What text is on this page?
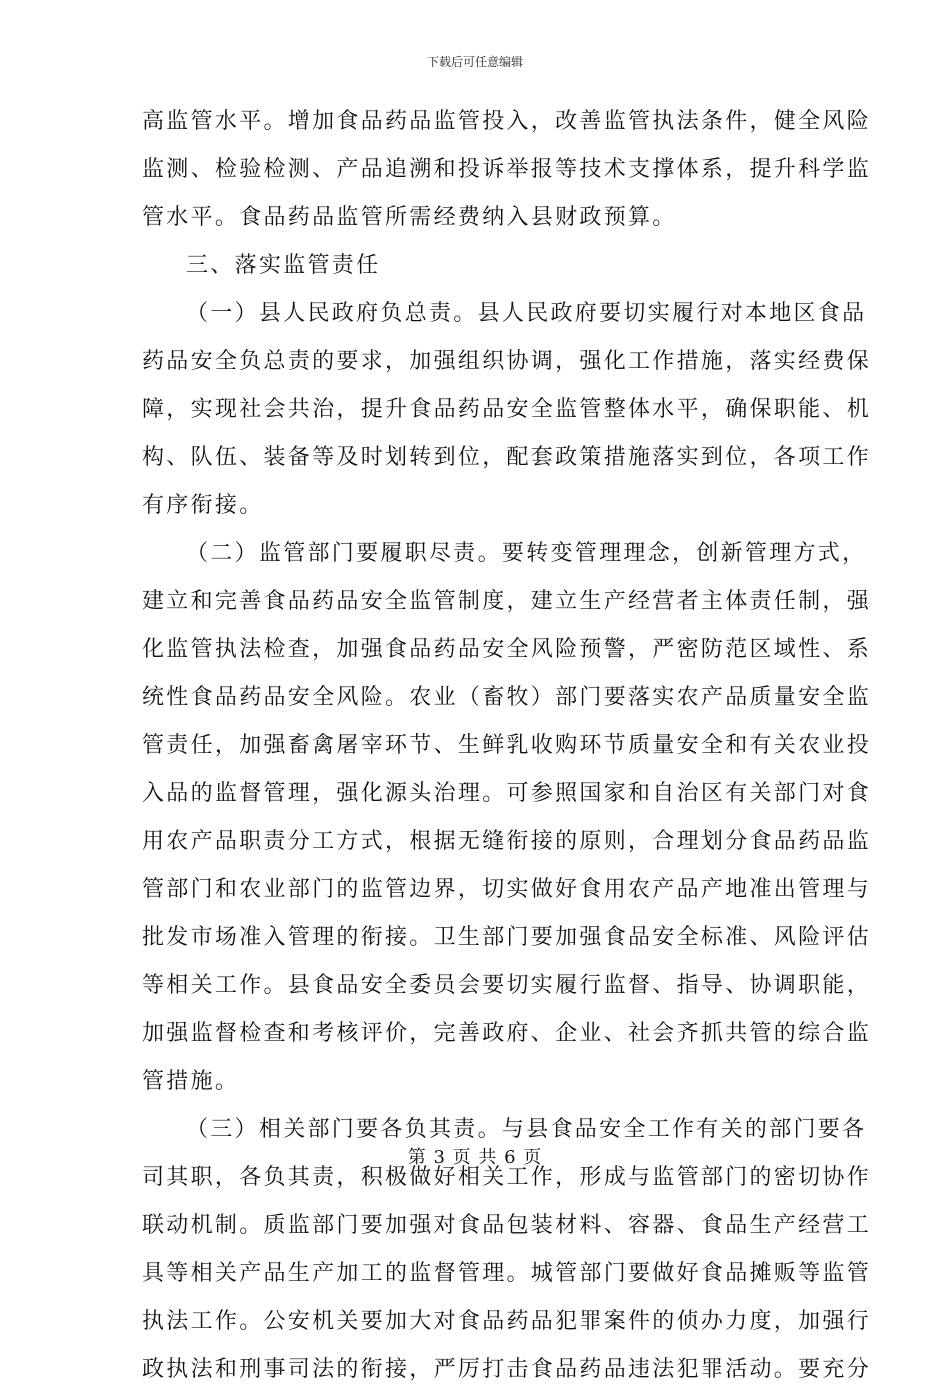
下载后可任意编辑
高监管水平。增加食品药品监管投入，改善监管执法条件，健全风险
监测、检验检测、产品追溯和投诉举报等技术支撑体系，提升科学监
管水平。食品药品监管所需经费纳入县财政预算。
三、落实监管责任
（一）县人民政府负总责。县人民政府要切实履行对本地区食品
药品安全负总责的要求，加强组织协调，强化工作措施，落实经费保
障，实现社会共治，提升食品药品安全监管整体水平，确保职能、机
构、队伍、装备等及时划转到位，配套政策措施落实到位，各项工作
有序衔接。
（二）监管部门要履职尽责。要转变管理理念，创新管理方式，
建立和完善食品药品安全监管制度，建立生产经营者主体责任制，强
化监管执法检查，加强食品药品安全风险预警，严密防范区域性、系
统性食品药品安全风险。农业（畜牧）部门要落实农产品质量安全监
管责任，加强畜禽屠宰环节、生鲜乳收购环节质量安全和有关农业投
入品的监督管理，强化源头治理。可参照国家和自治区有关部门对食
用农产品职责分工方式，根据无缝衔接的原则，合理划分食品药品监
管部门和农业部门的监管边界，切实做好食用农产品产地准出管理与
批发市场准入管理的衔接。卫生部门要加强食品安全标准、风险评估
等相关工作。县食品安全委员会要切实履行监督、指导、协调职能，
加强监督检查和考核评价，完善政府、企业、社会齐抓共管的综合监
管措施。
（三）相关部门要各负其责。与县食品安全工作有关的部门要各
司其职，各负其责，积极做好相关工作，形成与监管部门的密切协作
联动机制。质监部门要加强对食品包装材料、容器、食品生产经营工
具等相关产品生产加工的监督管理。城管部门要做好食品摊贩等监管
执法工作。公安机关要加大对食品药品犯罪案件的侦办力度，加强行
政执法和刑事司法的衔接，严厉打击食品药品违法犯罪活动。要充分
第 3 页 共 6 页
